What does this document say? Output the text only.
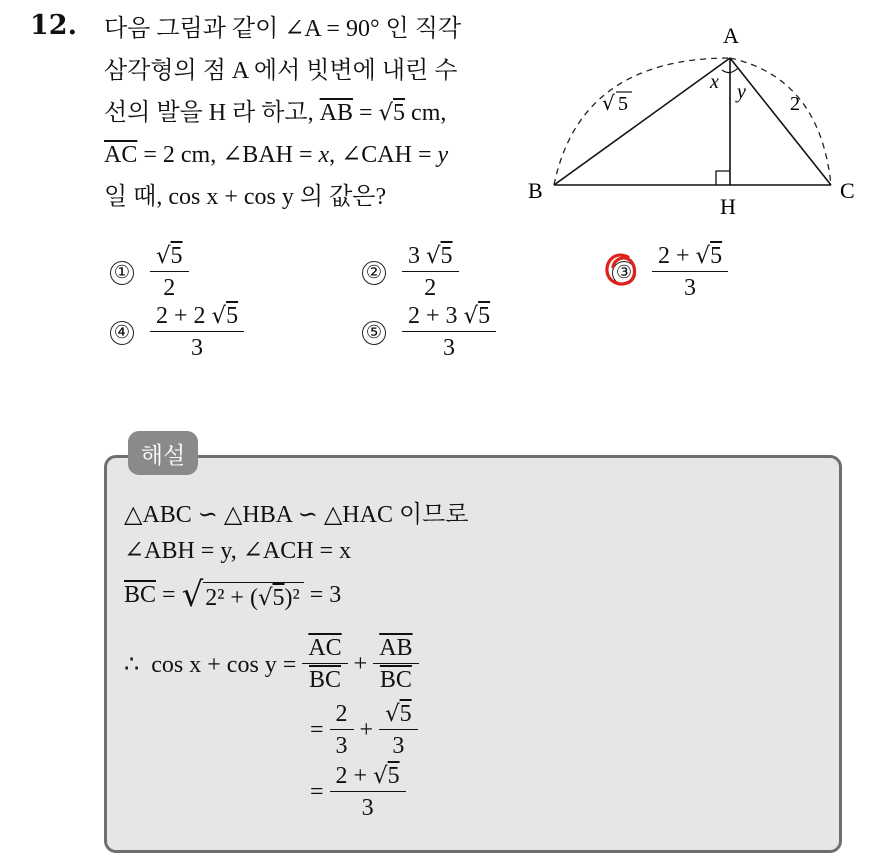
12. 다음 그림과 같이 ∠A = 90° 인 직각
삼각형의 점 A 에서 빗변에 내린 수
선의 발을 H 라 하고, $\overline{AB} = √5$ cm,
$\overline{AC} = 2$ cm, ∠BAH = x, ∠CAH = y
일 때, cos x + cos y 의 값은?
A
B	C
H
x y
√ 5	2
① $\frac{√5}{2}$	② $\frac{3 √5}{2}$	③ $\frac{2 + √5}{3}$
④ $\frac{2 + 2 √5}{3}$	⑤ $\frac{2 + 3 √5}{3}$
해설
△ABC ∽ △HBA ∽ △HAC 이므로
∠ABH = y, ∠ACH = x
$\overline{BC}$ = √ 2² + (√5)² = 3
∴  $\cos x + \cos y = \frac{\overline{AC}}{BC} + \frac{\overline{AB}}{BC}$
= $\frac{2}{3} + \frac{√5}{3}$
= $\frac{2 + √5}{3}$
